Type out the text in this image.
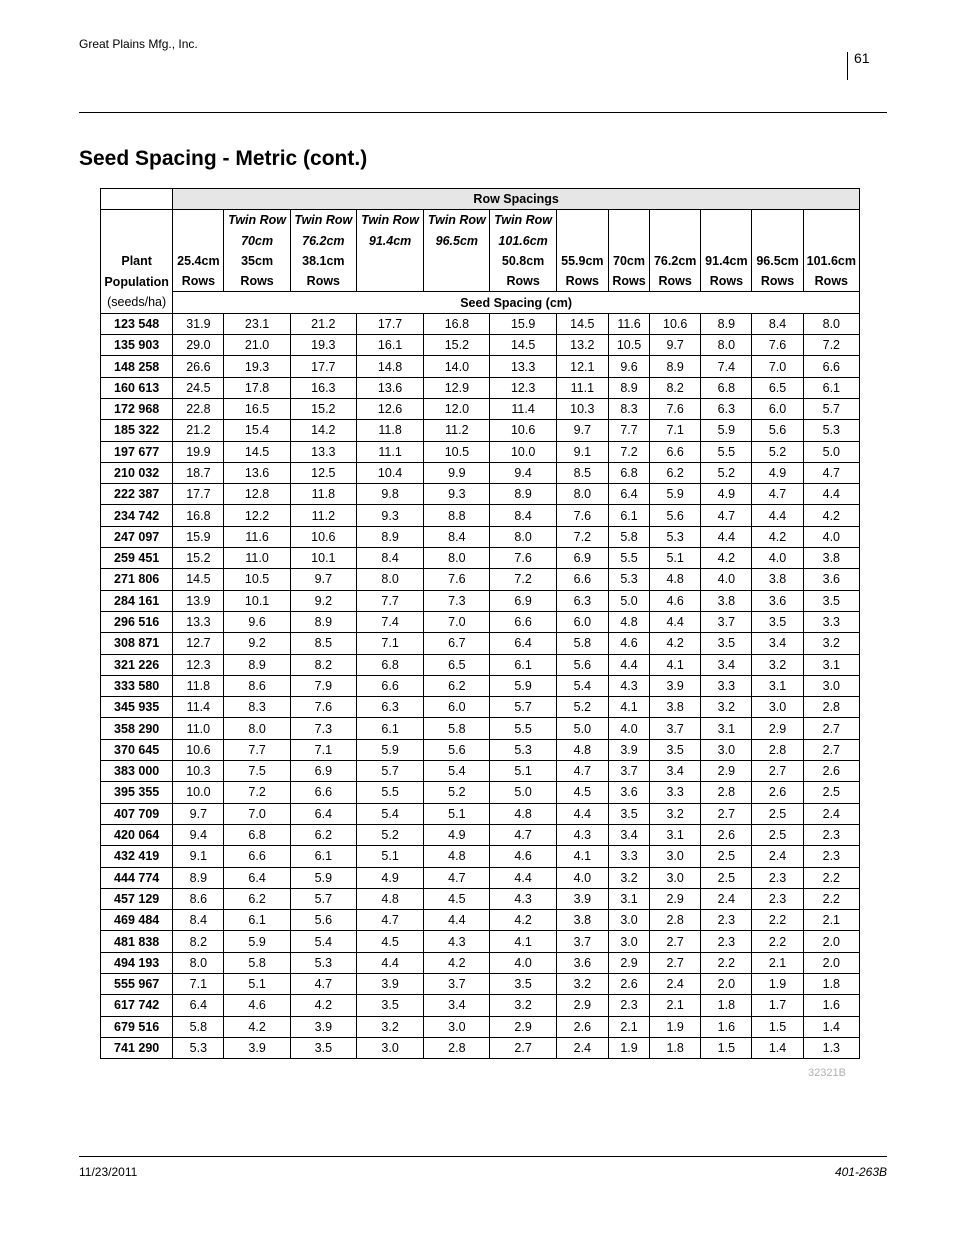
Great Plains Mfg., Inc.
61
Seed Spacing - Metric (cont.)
	Row Spacings											
		Twin Row	Twin Row	Twin Row	Twin Row	Twin Row						
		70cm	76.2cm	91.4cm	96.5cm	101.6cm						
Plant	25.4cm	35cm	38.1cm			50.8cm	55.9cm	70cm	76.2cm	91.4cm	96.5cm	101.6cm
Population	Rows	Rows	Rows			Rows	Rows	Rows	Rows	Rows	Rows	Rows
(seeds/ha)	Seed Spacing (cm)											
123 548	31.9	23.1	21.2	17.7	16.8	15.9	14.5	11.6	10.6	8.9	8.4	8.0
135 903	29.0	21.0	19.3	16.1	15.2	14.5	13.2	10.5	9.7	8.0	7.6	7.2
148 258	26.6	19.3	17.7	14.8	14.0	13.3	12.1	9.6	8.9	7.4	7.0	6.6
160 613	24.5	17.8	16.3	13.6	12.9	12.3	11.1	8.9	8.2	6.8	6.5	6.1
172 968	22.8	16.5	15.2	12.6	12.0	11.4	10.3	8.3	7.6	6.3	6.0	5.7
185 322	21.2	15.4	14.2	11.8	11.2	10.6	9.7	7.7	7.1	5.9	5.6	5.3
197 677	19.9	14.5	13.3	11.1	10.5	10.0	9.1	7.2	6.6	5.5	5.2	5.0
210 032	18.7	13.6	12.5	10.4	9.9	9.4	8.5	6.8	6.2	5.2	4.9	4.7
222 387	17.7	12.8	11.8	9.8	9.3	8.9	8.0	6.4	5.9	4.9	4.7	4.4
234 742	16.8	12.2	11.2	9.3	8.8	8.4	7.6	6.1	5.6	4.7	4.4	4.2
247 097	15.9	11.6	10.6	8.9	8.4	8.0	7.2	5.8	5.3	4.4	4.2	4.0
259 451	15.2	11.0	10.1	8.4	8.0	7.6	6.9	5.5	5.1	4.2	4.0	3.8
271 806	14.5	10.5	9.7	8.0	7.6	7.2	6.6	5.3	4.8	4.0	3.8	3.6
284 161	13.9	10.1	9.2	7.7	7.3	6.9	6.3	5.0	4.6	3.8	3.6	3.5
296 516	13.3	9.6	8.9	7.4	7.0	6.6	6.0	4.8	4.4	3.7	3.5	3.3
308 871	12.7	9.2	8.5	7.1	6.7	6.4	5.8	4.6	4.2	3.5	3.4	3.2
321 226	12.3	8.9	8.2	6.8	6.5	6.1	5.6	4.4	4.1	3.4	3.2	3.1
333 580	11.8	8.6	7.9	6.6	6.2	5.9	5.4	4.3	3.9	3.3	3.1	3.0
345 935	11.4	8.3	7.6	6.3	6.0	5.7	5.2	4.1	3.8	3.2	3.0	2.8
358 290	11.0	8.0	7.3	6.1	5.8	5.5	5.0	4.0	3.7	3.1	2.9	2.7
370 645	10.6	7.7	7.1	5.9	5.6	5.3	4.8	3.9	3.5	3.0	2.8	2.7
383 000	10.3	7.5	6.9	5.7	5.4	5.1	4.7	3.7	3.4	2.9	2.7	2.6
395 355	10.0	7.2	6.6	5.5	5.2	5.0	4.5	3.6	3.3	2.8	2.6	2.5
407 709	9.7	7.0	6.4	5.4	5.1	4.8	4.4	3.5	3.2	2.7	2.5	2.4
420 064	9.4	6.8	6.2	5.2	4.9	4.7	4.3	3.4	3.1	2.6	2.5	2.3
432 419	9.1	6.6	6.1	5.1	4.8	4.6	4.1	3.3	3.0	2.5	2.4	2.3
444 774	8.9	6.4	5.9	4.9	4.7	4.4	4.0	3.2	3.0	2.5	2.3	2.2
457 129	8.6	6.2	5.7	4.8	4.5	4.3	3.9	3.1	2.9	2.4	2.3	2.2
469 484	8.4	6.1	5.6	4.7	4.4	4.2	3.8	3.0	2.8	2.3	2.2	2.1
481 838	8.2	5.9	5.4	4.5	4.3	4.1	3.7	3.0	2.7	2.3	2.2	2.0
494 193	8.0	5.8	5.3	4.4	4.2	4.0	3.6	2.9	2.7	2.2	2.1	2.0
555 967	7.1	5.1	4.7	3.9	3.7	3.5	3.2	2.6	2.4	2.0	1.9	1.8
617 742	6.4	4.6	4.2	3.5	3.4	3.2	2.9	2.3	2.1	1.8	1.7	1.6
679 516	5.8	4.2	3.9	3.2	3.0	2.9	2.6	2.1	1.9	1.6	1.5	1.4
741 290	5.3	3.9	3.5	3.0	2.8	2.7	2.4	1.9	1.8	1.5	1.4	1.3
32321B
11/23/2011	401-263B
